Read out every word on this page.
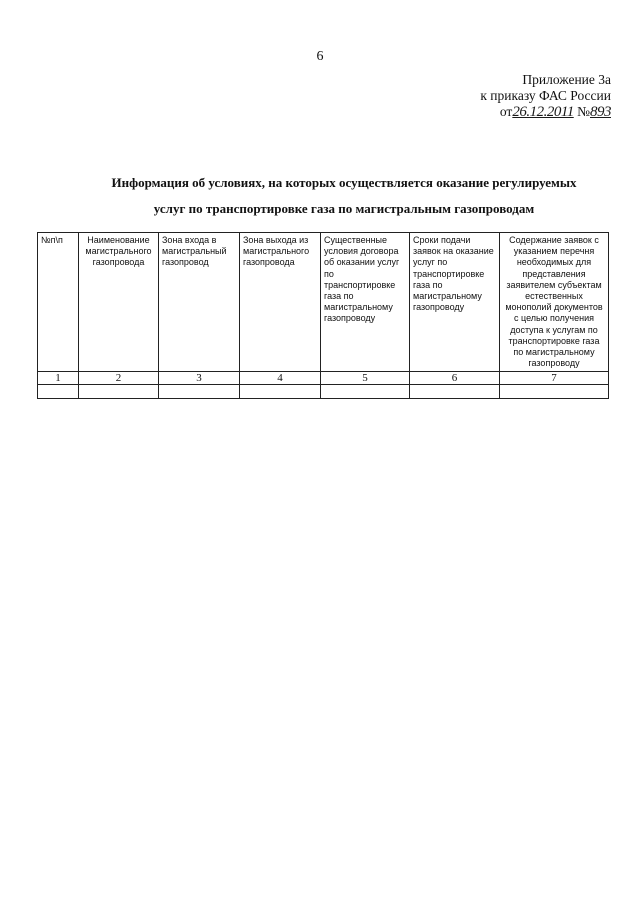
6
Приложение 3а
к приказу ФАС России
от26.12.2011 №893
Информация об условиях, на которых осуществляется оказание регулируемых
услуг по транспортировке газа по магистральным газопроводам
№п\п	Наименование магистрального газопровода	Зона входа в магистральный газопровод	Зона выхода из магистрального газопровода	Существенные условия договора об оказании услуг по транспортировке газа по магистральному газопроводу	Сроки подачи заявок на оказание услуг по транспортировке газа по магистральному газопроводу	Содержание заявок с указанием перечня необходимых для представления заявителем субъектам естественных монополий документов с целью получения доступа к услугам по транспортировке газа по магистральному газопроводу
1	2	3	4	5	6	7
